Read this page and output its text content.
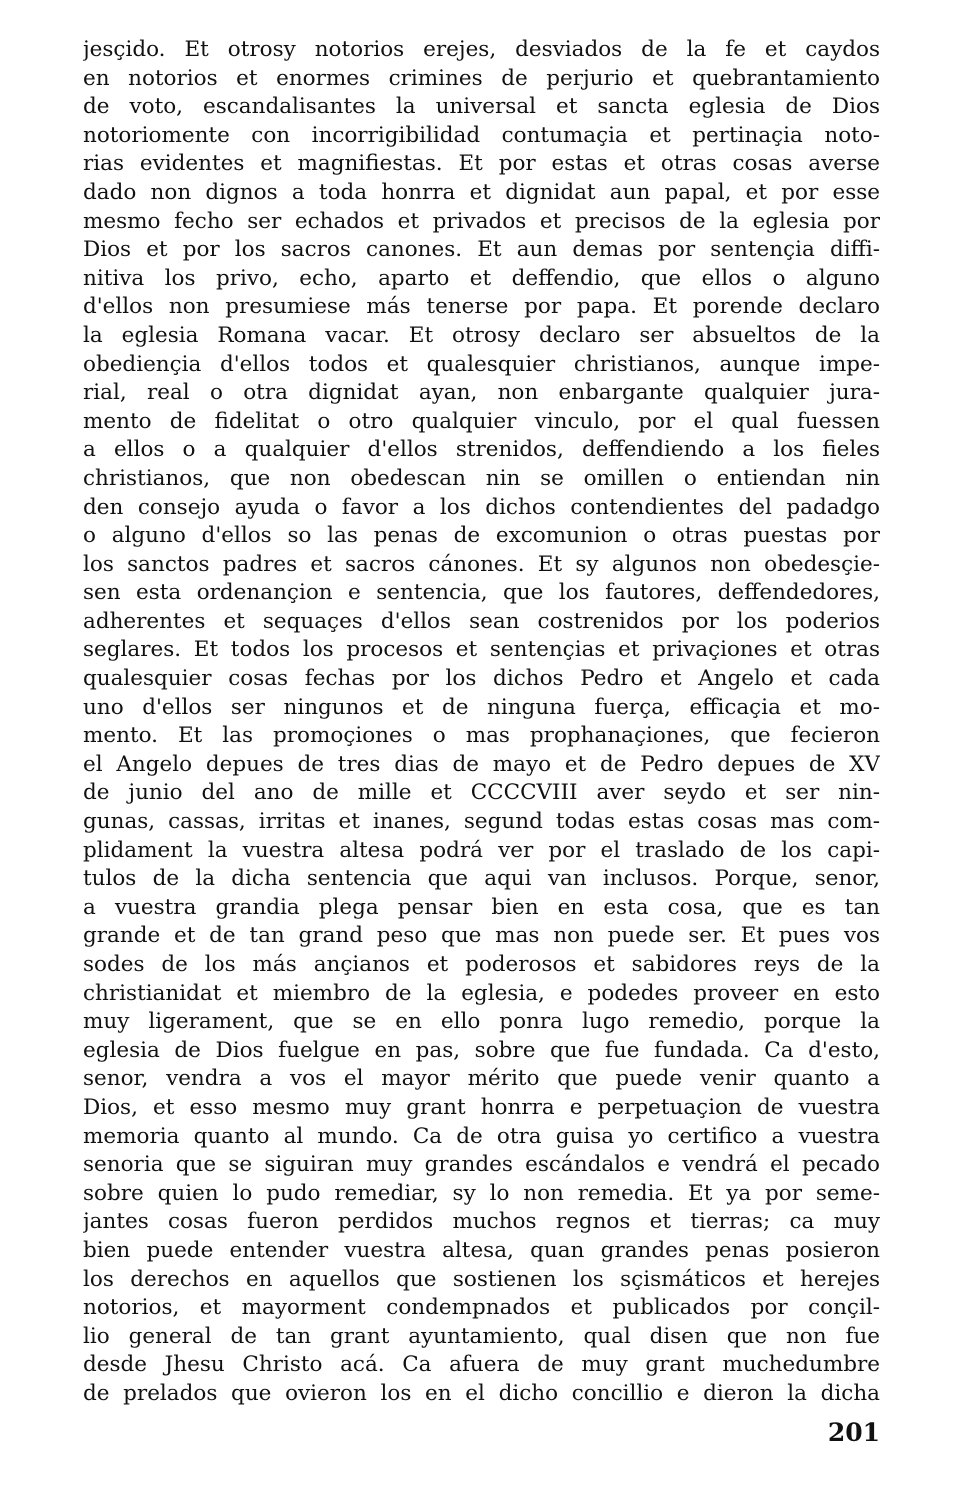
jesçido. Et otrosy notorios erejes, desviados de la fe et caydos
en notorios et enormes crimines de perjurio et quebrantamiento
de voto, escandalisantes la universal et sancta eglesia de Dios
notoriomente con incorrigibilidad contumaçia et pertinaçia noto-
rias evidentes et magnifiestas. Et por estas et otras cosas averse
dado non dignos a toda honrra et dignidat aun papal, et por esse
mesmo fecho ser echados et privados et precisos de la eglesia por
Dios et por los sacros canones. Et aun demas por sentençia diffi-
nitiva los privo, echo, aparto et deffendio, que ellos o alguno
d'ellos non presumiese más tenerse por papa. Et porende declaro
la eglesia Romana vacar. Et otrosy declaro ser absueltos de la
obediençia d'ellos todos et qualesquier christianos, aunque impe-
rial, real o otra dignidat ayan, non enbargante qualquier jura-
mento de fidelitat o otro qualquier vinculo, por el qual fuessen
a ellos o a qualquier d'ellos strenidos, deffendiendo a los fieles
christianos, que non obedescan nin se omillen o entiendan nin
den consejo ayuda o favor a los dichos contendientes del padadgo
o alguno d'ellos so las penas de excomunion o otras puestas por
los sanctos padres et sacros cánones. Et sy algunos non obedesçie-
sen esta ordenançion e sentencia, que los fautores, deffendedores,
adherentes et sequaçes d'ellos sean costrenidos por los poderios
seglares. Et todos los procesos et sentençias et privaçiones et otras
qualesquier cosas fechas por los dichos Pedro et Angelo et cada
uno d'ellos ser ningunos et de ninguna fuerça, efficaçia et mo-
mento. Et las promoçiones o mas prophanaçiones, que fecieron
el Angelo depues de tres dias de mayo et de Pedro depues de XV
de junio del ano de mille et CCCCVIII aver seydo et ser nin-
gunas, cassas, irritas et inanes, segund todas estas cosas mas com-
plidament la vuestra altesa podrá ver por el traslado de los capi-
tulos de la dicha sentencia que aqui van inclusos. Porque, senor,
a vuestra grandia plega pensar bien en esta cosa, que es tan
grande et de tan grand peso que mas non puede ser. Et pues vos
sodes de los más ançianos et poderosos et sabidores reys de la
christianidat et miembro de la eglesia, e podedes proveer en esto
muy ligerament, que se en ello ponra lugo remedio, porque la
eglesia de Dios fuelgue en pas, sobre que fue fundada. Ca d'esto,
senor, vendra a vos el mayor mérito que puede venir quanto a
Dios, et esso mesmo muy grant honrra e perpetuaçion de vuestra
memoria quanto al mundo. Ca de otra guisa yo certifico a vuestra
senoria que se siguiran muy grandes escándalos e vendrá el pecado
sobre quien lo pudo remediar, sy lo non remedia. Et ya por seme-
jantes cosas fueron perdidos muchos regnos et tierras; ca muy
bien puede entender vuestra altesa, quan grandes penas posieron
los derechos en aquellos que sostienen los sçismáticos et herejes
notorios, et mayorment condempnados et publicados por conçil-
lio general de tan grant ayuntamiento, qual disen que non fue
desde Jhesu Christo acá. Ca afuera de muy grant muchedumbre
de prelados que ovieron los en el dicho concillio e dieron la dicha
201
